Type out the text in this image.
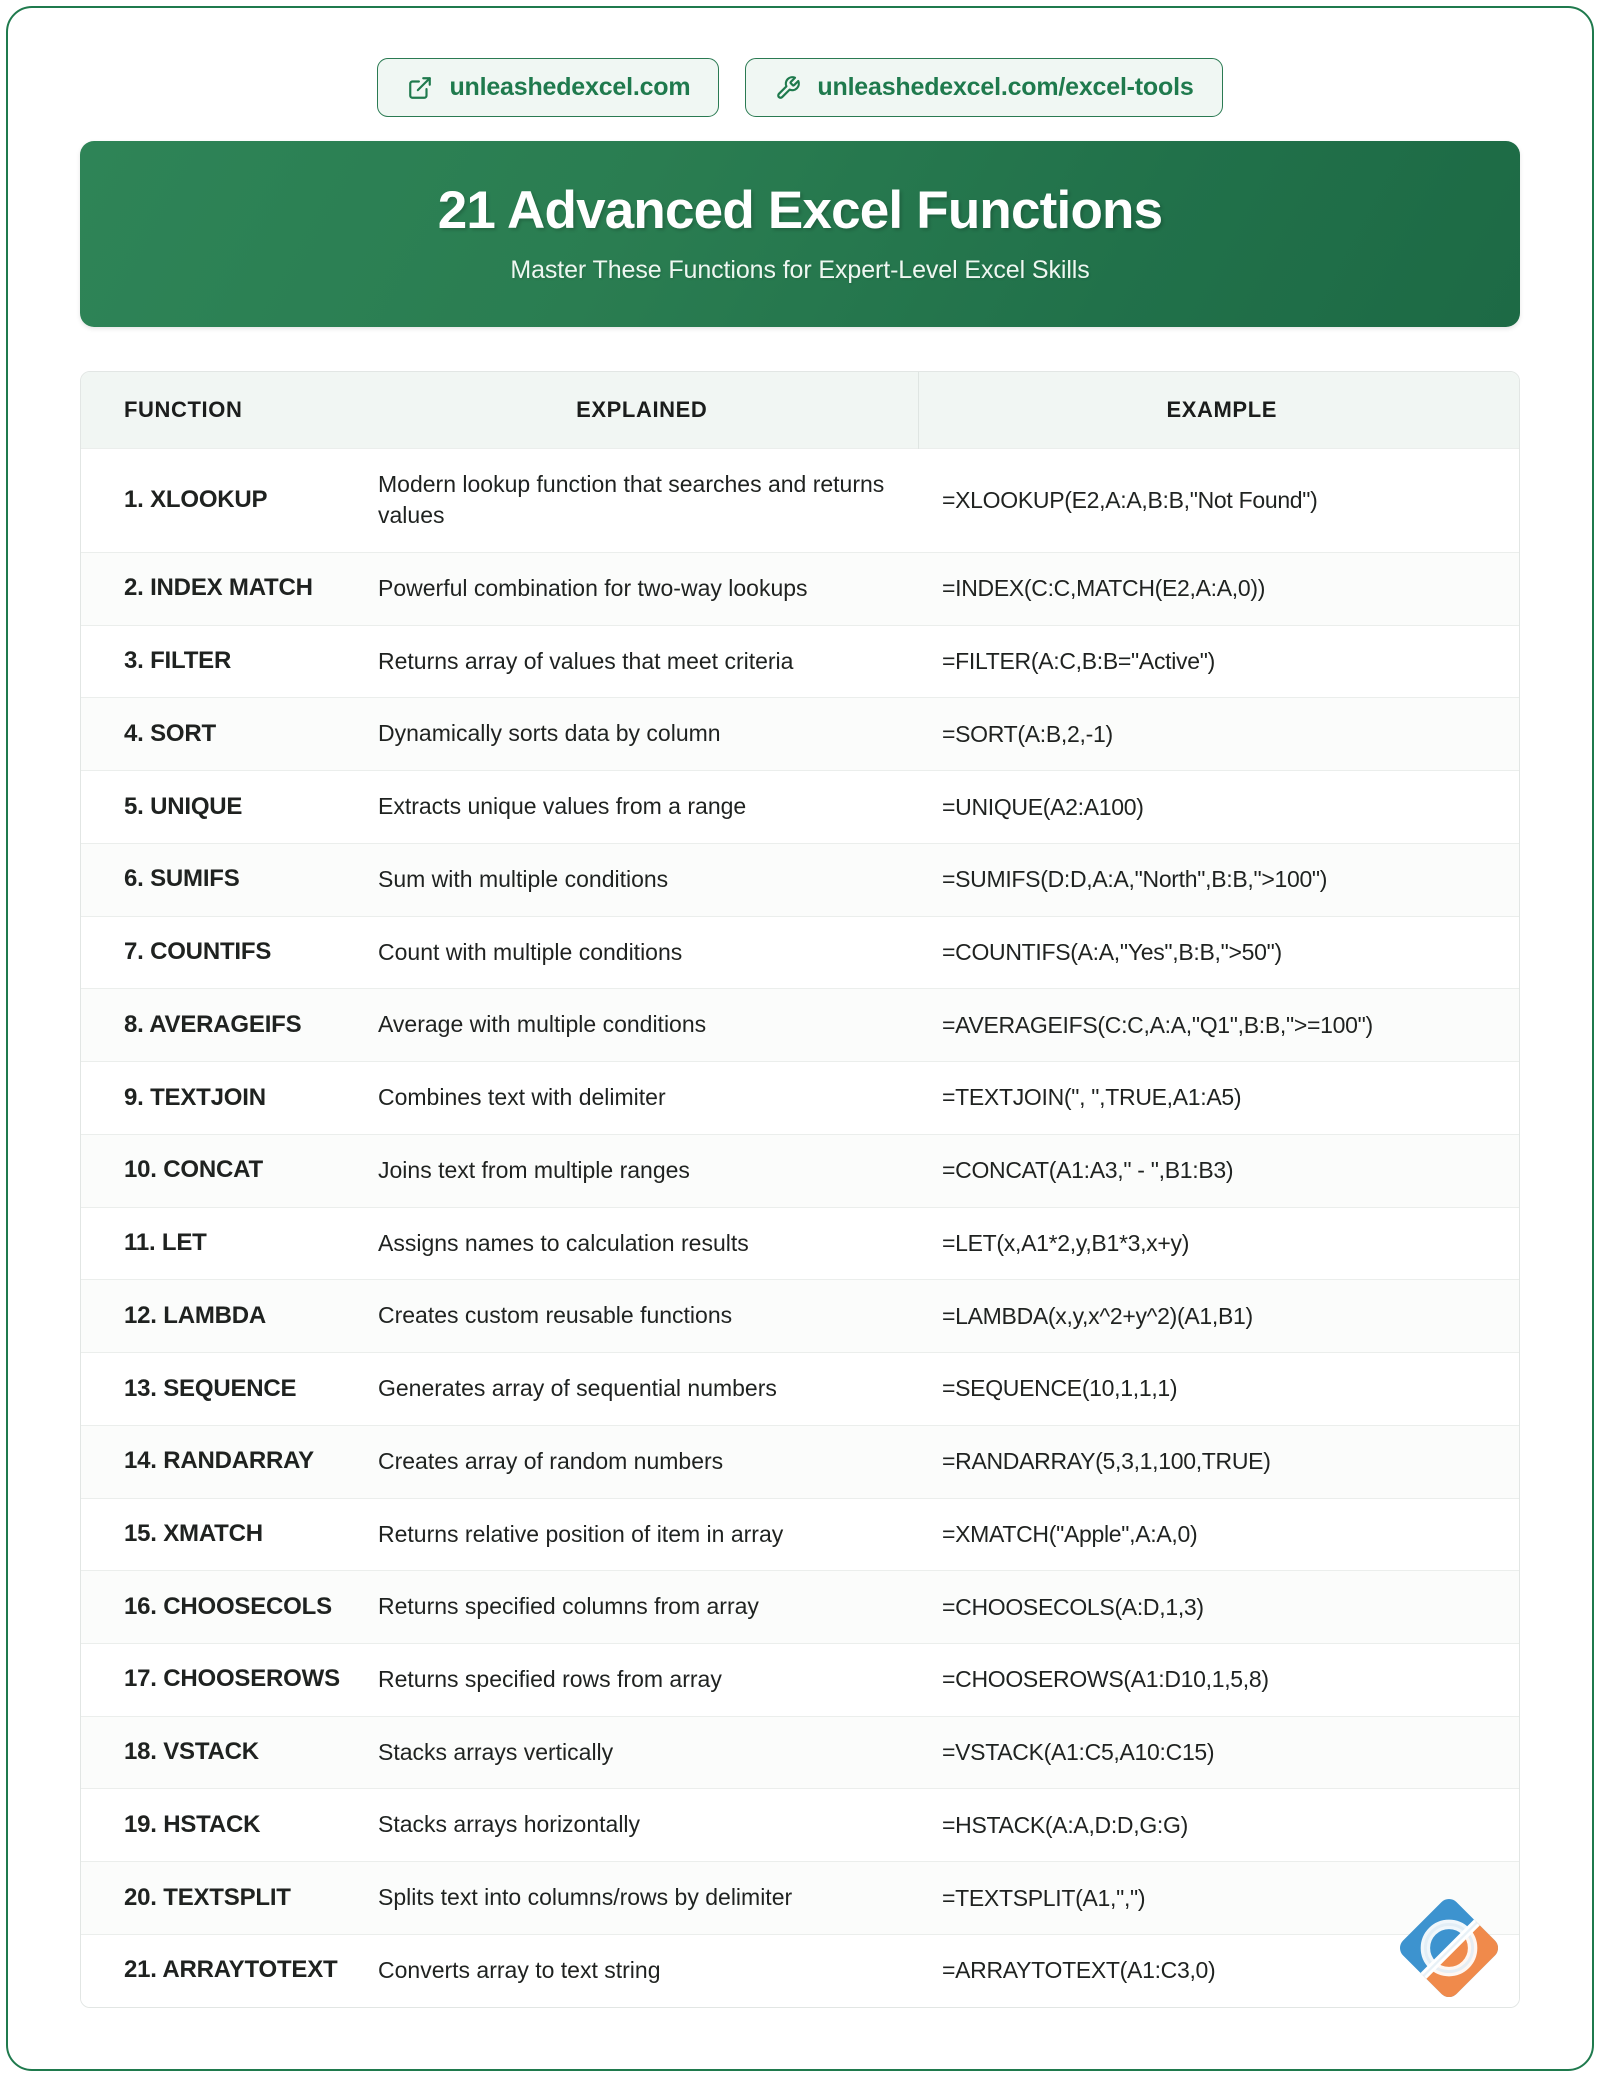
unleashedexcel.com	unleashedexcel.com/excel-tools
21 Advanced Excel Functions
Master These Functions for Expert-Level Excel Skills
FUNCTION	EXPLAINED	EXAMPLE
1. XLOOKUP	Modern lookup function that searches and returns values	=XLOOKUP(E2,A:A,B:B,"Not Found")
2. INDEX MATCH	Powerful combination for two-way lookups	=INDEX(C:C,MATCH(E2,A:A,0))
3. FILTER	Returns array of values that meet criteria	=FILTER(A:C,B:B="Active")
4. SORT	Dynamically sorts data by column	=SORT(A:B,2,-1)
5. UNIQUE	Extracts unique values from a range	=UNIQUE(A2:A100)
6. SUMIFS	Sum with multiple conditions	=SUMIFS(D:D,A:A,"North",B:B,">100")
7. COUNTIFS	Count with multiple conditions	=COUNTIFS(A:A,"Yes",B:B,">50")
8. AVERAGEIFS	Average with multiple conditions	=AVERAGEIFS(C:C,A:A,"Q1",B:B,">=100")
9. TEXTJOIN	Combines text with delimiter	=TEXTJOIN(", ",TRUE,A1:A5)
10. CONCAT	Joins text from multiple ranges	=CONCAT(A1:A3," - ",B1:B3)
11. LET	Assigns names to calculation results	=LET(x,A1*2,y,B1*3,x+y)
12. LAMBDA	Creates custom reusable functions	=LAMBDA(x,y,x^2+y^2)(A1,B1)
13. SEQUENCE	Generates array of sequential numbers	=SEQUENCE(10,1,1,1)
14. RANDARRAY	Creates array of random numbers	=RANDARRAY(5,3,1,100,TRUE)
15. XMATCH	Returns relative position of item in array	=XMATCH("Apple",A:A,0)
16. CHOOSECOLS	Returns specified columns from array	=CHOOSECOLS(A:D,1,3)
17. CHOOSEROWS	Returns specified rows from array	=CHOOSEROWS(A1:D10,1,5,8)
18. VSTACK	Stacks arrays vertically	=VSTACK(A1:C5,A10:C15)
19. HSTACK	Stacks arrays horizontally	=HSTACK(A:A,D:D,G:G)
20. TEXTSPLIT	Splits text into columns/rows by delimiter	=TEXTSPLIT(A1,",")
21. ARRAYTOTEXT	Converts array to text string	=ARRAYTOTEXT(A1:C3,0)
